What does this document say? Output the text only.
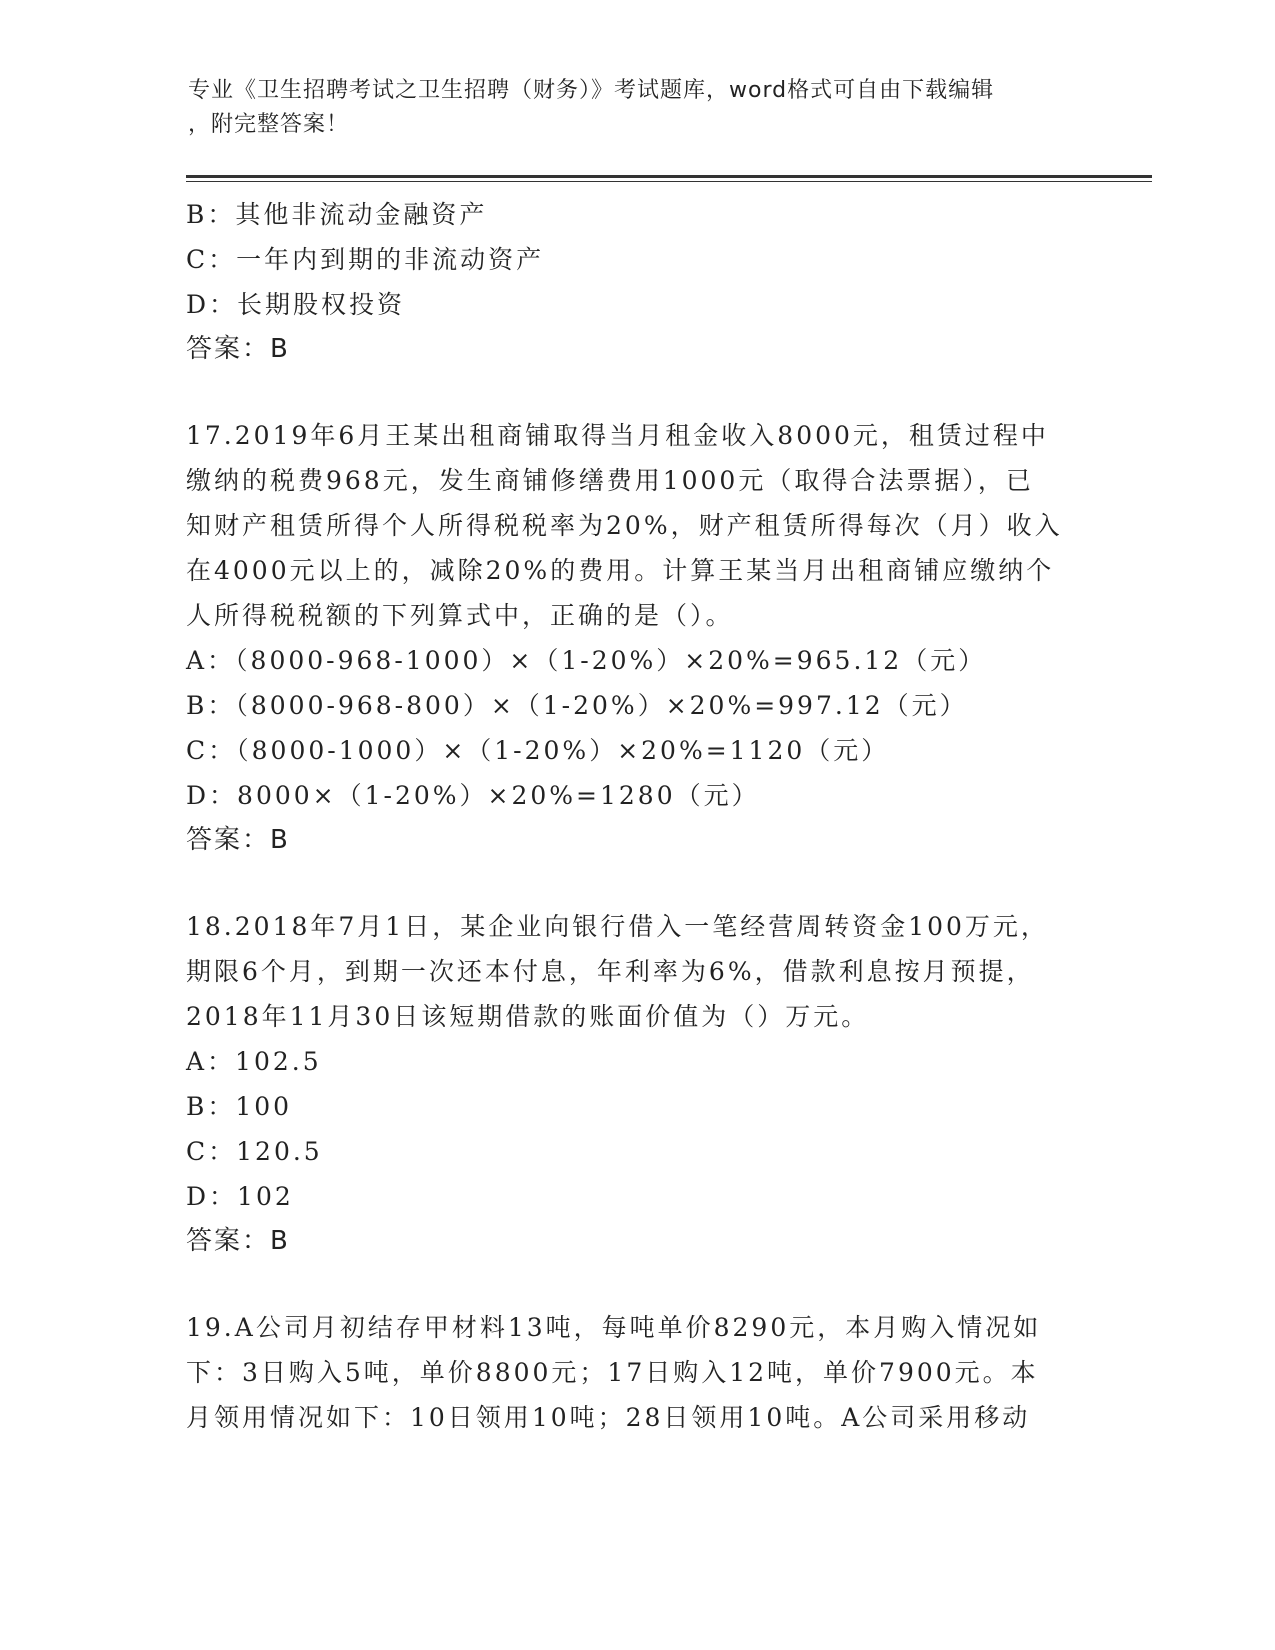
专业《卫生招聘考试之卫生招聘（财务）》考试题库，word格式可自由下载编辑
，附完整答案！
B：其他非流动金融资产
C：一年内到期的非流动资产
D：长期股权投资
答案：B
17.2019年6月王某出租商铺取得当月租金收入8000元，租赁过程中
缴纳的税费968元，发生商铺修缮费用1000元（取得合法票据），已
知财产租赁所得个人所得税税率为20%，财产租赁所得每次（月）收入
在4000元以上的，减除20%的费用。计算王某当月出租商铺应缴纳个
人所得税税额的下列算式中，正确的是（）。
A：（8000-968-1000）×（1-20%）×20%=965.12（元）
B：（8000-968-800）×（1-20%）×20%=997.12（元）
C：（8000-1000）×（1-20%）×20%=1120（元）
D：8000×（1-20%）×20%=1280（元）
答案：B
18.2018年7月1日，某企业向银行借入一笔经营周转资金100万元，
期限6个月，到期一次还本付息，年利率为6%，借款利息按月预提，
2018年11月30日该短期借款的账面价值为（）万元。
A：102.5
B：100
C：120.5
D：102
答案：B
19.A公司月初结存甲材料13吨，每吨单价8290元，本月购入情况如
下：3日购入5吨，单价8800元；17日购入12吨，单价7900元。本
月领用情况如下：10日领用10吨；28日领用10吨。A公司采用移动
